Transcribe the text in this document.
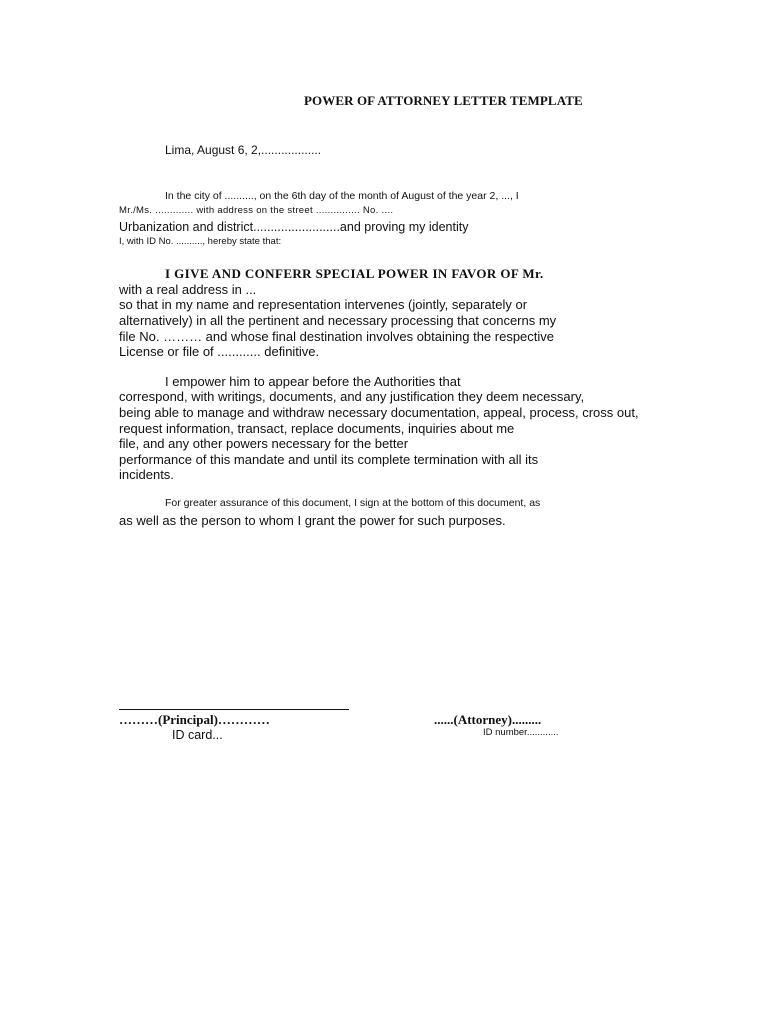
POWER OF ATTORNEY LETTER TEMPLATE
Lima, August 6, 2,..................
In the city of .........., on the 6th day of the month of August of the year 2, ..., I
Mr./Ms. ............. with address on the street ............... No. ....
Urbanization and district.........................and proving my identity
I, with ID No. .........., hereby state that:
I GIVE AND CONFERR SPECIAL POWER IN FAVOR OF Mr.
with a real address in ...
so that in my name and representation intervenes (jointly, separately or
alternatively) in all the pertinent and necessary processing that concerns my
file No. ……… and whose final destination involves obtaining the respective
License or file of ............ definitive.
I empower him to appear before the Authorities that
correspond, with writings, documents, and any justification they deem necessary,
being able to manage and withdraw necessary documentation, appeal, process, cross out,
request information, transact, replace documents, inquiries about me
file, and any other powers necessary for the better
performance of this mandate and until its complete termination with all its
incidents.
For greater assurance of this document, I sign at the bottom of this document, as
as well as the person to whom I grant the power for such purposes.
………(Principal)…………
ID card...
......(Attorney).........
ID number............
